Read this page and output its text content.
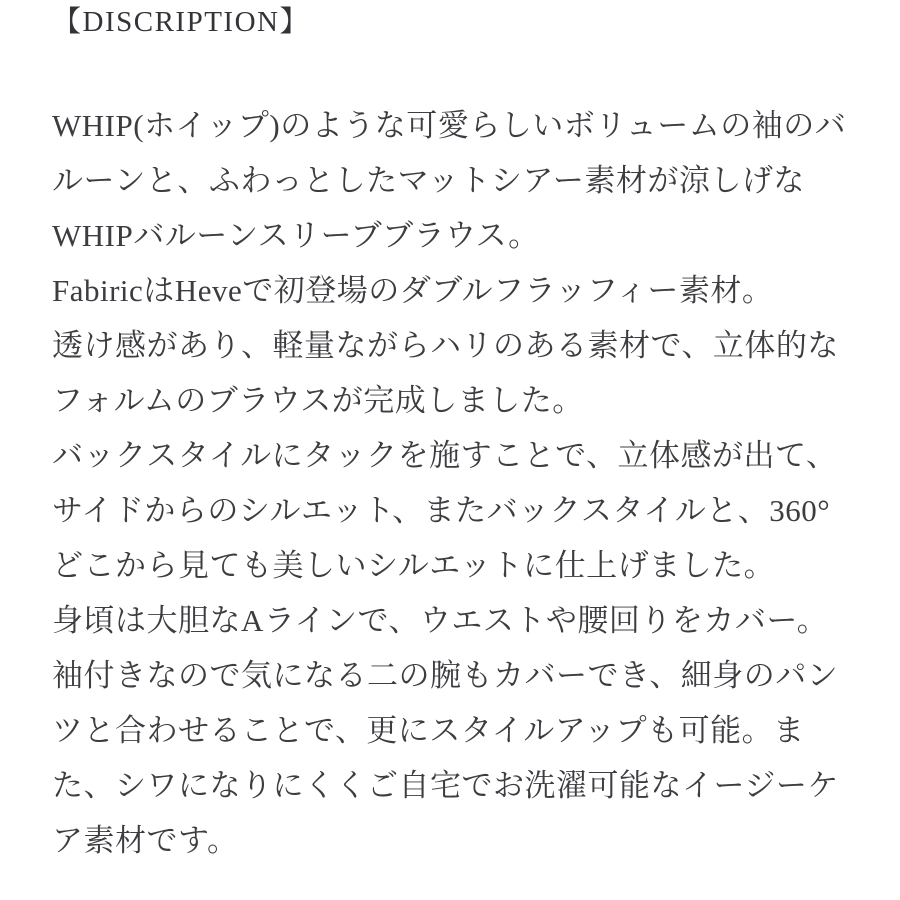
【DISCRIPTION】
WHIP(ホイップ)のような可愛らしいボリュームの袖のバ
ルーンと、ふわっとしたマットシアー素材が涼しげな
WHIPバルーンスリーブブラウス。
FabiricはHeveで初登場のダブルフラッフィー素材。
透け感があり、軽量ながらハリのある素材で、立体的な
フォルムのブラウスが完成しました。
バックスタイルにタックを施すことで、立体感が出て、
サイドからのシルエット、またバックスタイルと、360°
どこから見ても美しいシルエットに仕上げました。
身頃は大胆なAラインで、ウエストや腰回りをカバー。
袖付きなので気になる二の腕もカバーでき、細身のパン
ツと合わせることで、更にスタイルアップも可能。ま
た、シワになりにくくご自宅でお洗濯可能なイージーケ
ア素材です。
